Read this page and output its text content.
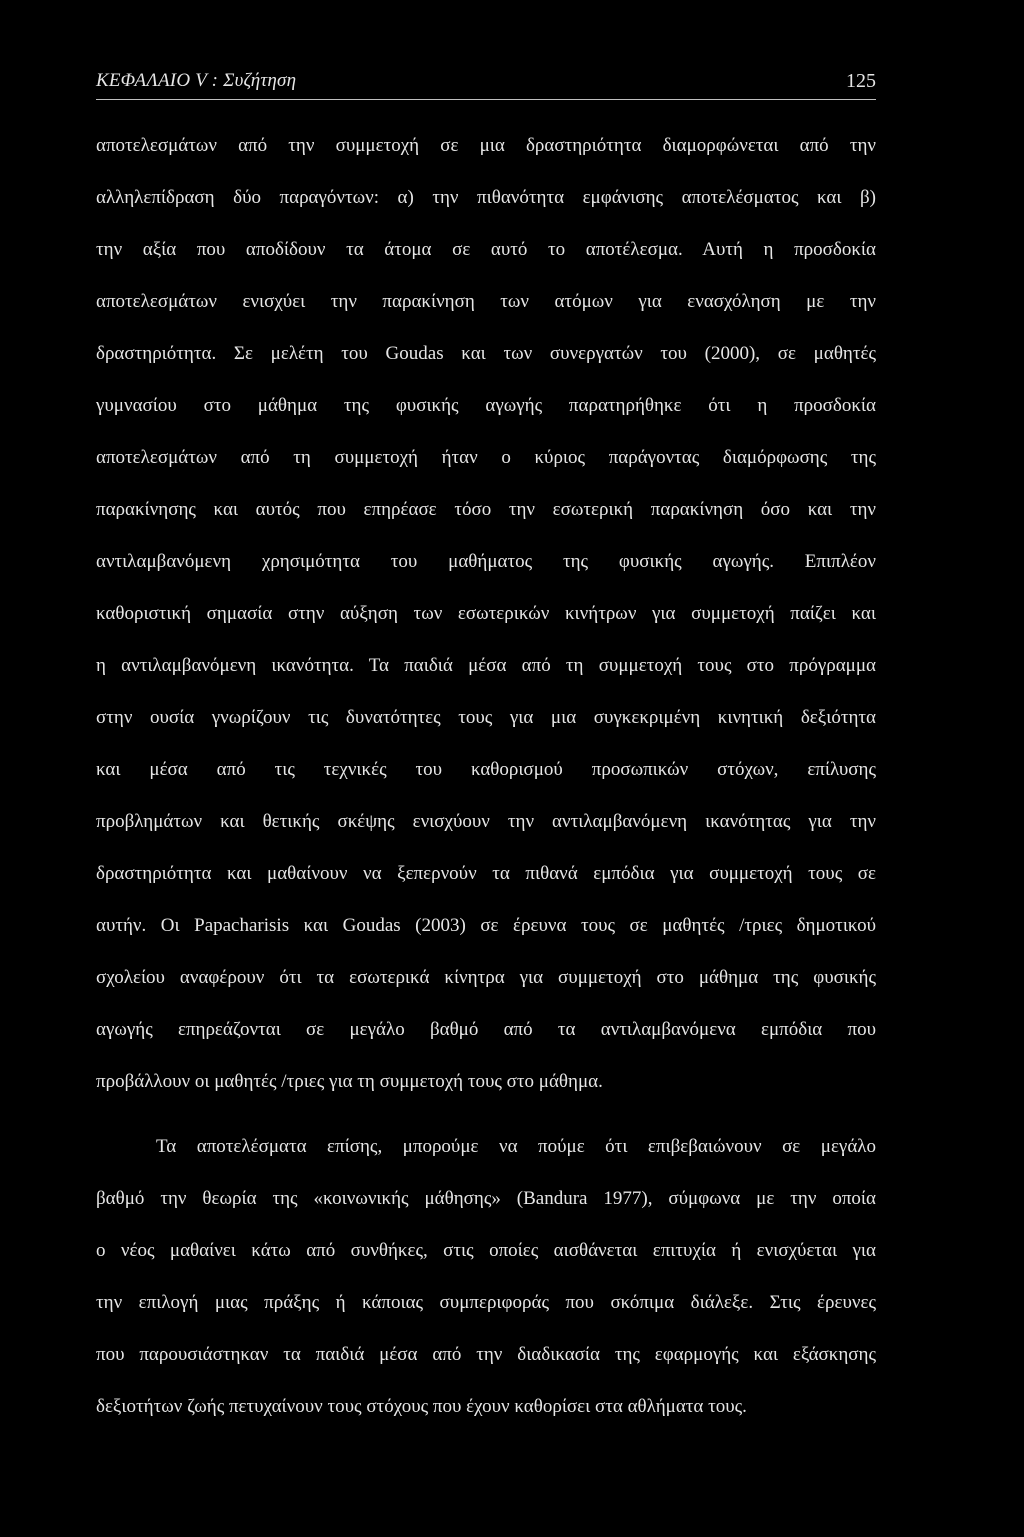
ΚΕΦΑΛΑΙΟ V : Συζήτηση	125
αποτελεσμάτων από την συμμετοχή σε μια δραστηριότητα διαμορφώνεται από την
αλληλεπίδραση δύο παραγόντων: α) την πιθανότητα εμφάνισης αποτελέσματος και β)
την αξία που αποδίδουν τα άτομα σε αυτό το αποτέλεσμα. Αυτή η προσδοκία
αποτελεσμάτων ενισχύει την παρακίνηση των ατόμων για ενασχόληση με την
δραστηριότητα. Σε μελέτη του Goudas και των συνεργατών του (2000), σε μαθητές
γυμνασίου στο μάθημα της φυσικής αγωγής παρατηρήθηκε ότι η προσδοκία
αποτελεσμάτων από τη συμμετοχή ήταν ο κύριος παράγοντας διαμόρφωσης της
παρακίνησης και αυτός που επηρέασε τόσο την εσωτερική παρακίνηση όσο και την
αντιλαμβανόμενη χρησιμότητα του μαθήματος της φυσικής αγωγής. Επιπλέον
καθοριστική σημασία στην αύξηση των εσωτερικών κινήτρων για συμμετοχή παίζει και
η αντιλαμβανόμενη ικανότητα. Τα παιδιά μέσα από τη συμμετοχή τους στο πρόγραμμα
στην ουσία γνωρίζουν τις δυνατότητες τους για μια συγκεκριμένη κινητική δεξιότητα
και μέσα από τις τεχνικές του καθορισμού προσωπικών στόχων, επίλυσης
προβλημάτων και θετικής σκέψης ενισχύουν την αντιλαμβανόμενη ικανότητας για την
δραστηριότητα και μαθαίνουν να ξεπερνούν τα πιθανά εμπόδια για συμμετοχή τους σε
αυτήν. Οι Papacharisis και Goudas (2003) σε έρευνα τους σε μαθητές /τριες δημοτικού
σχολείου αναφέρουν ότι τα εσωτερικά κίνητρα για συμμετοχή στο μάθημα της φυσικής
αγωγής επηρεάζονται σε μεγάλο βαθμό από τα αντιλαμβανόμενα εμπόδια που
προβάλλουν οι μαθητές /τριες για τη συμμετοχή τους στο μάθημα.
Τα αποτελέσματα επίσης, μπορούμε να πούμε ότι επιβεβαιώνουν σε μεγάλο
βαθμό την θεωρία της «κοινωνικής μάθησης» (Bandura 1977), σύμφωνα με την οποία
ο νέος μαθαίνει κάτω από συνθήκες, στις οποίες αισθάνεται επιτυχία ή ενισχύεται για
την επιλογή μιας πράξης ή κάποιας συμπεριφοράς που σκόπιμα διάλεξε. Στις έρευνες
που παρουσιάστηκαν τα παιδιά μέσα από την διαδικασία της εφαρμογής και εξάσκησης
δεξιοτήτων ζωής πετυχαίνουν τους στόχους που έχουν καθορίσει στα αθλήματα τους.
